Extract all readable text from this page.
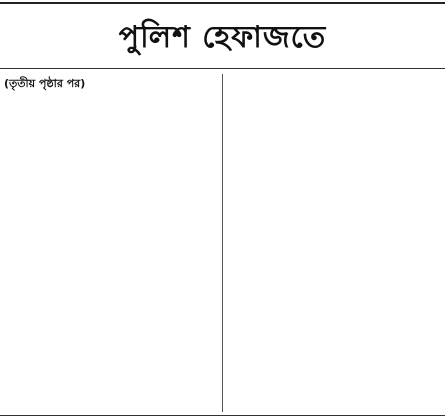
পুলিশ হেফাজতে

(তৃতীয় পৃষ্ঠার পর)
